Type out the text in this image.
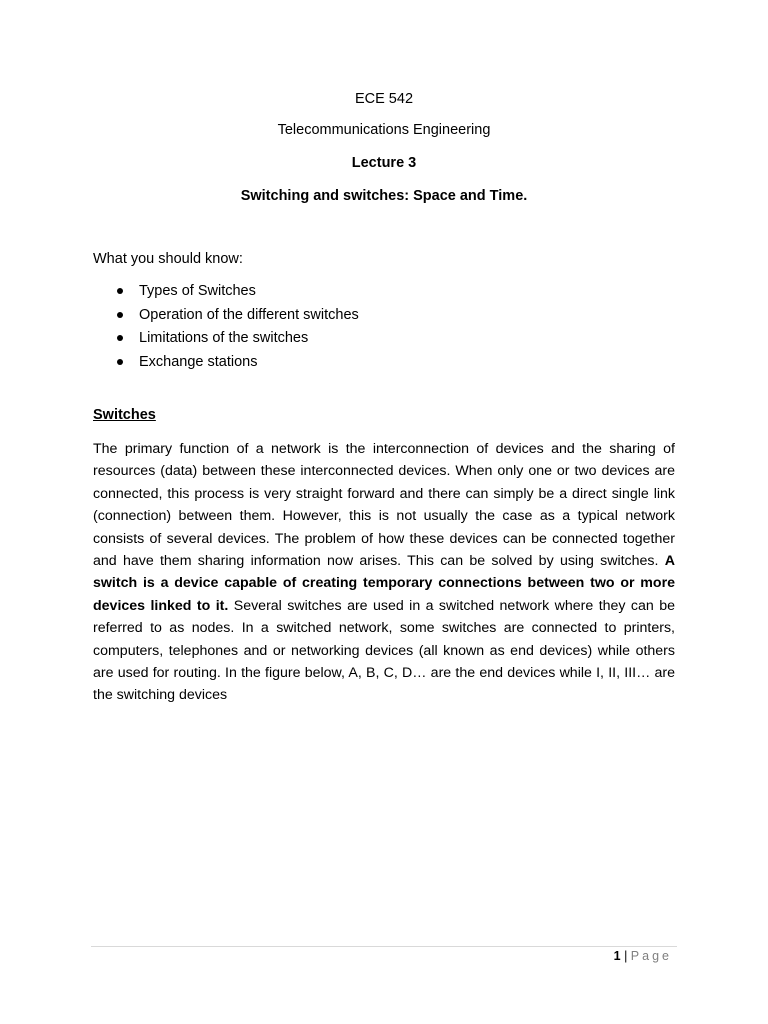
ECE 542
Telecommunications Engineering
Lecture 3
Switching and switches: Space and Time.
What you should know:
Types of Switches
Operation of the different switches
Limitations of the switches
Exchange stations
Switches

The primary function of a network is the interconnection of devices and the sharing of resources (data) between these interconnected devices. When only one or two devices are connected, this process is very straight forward and there can simply be a direct single link (connection) between them. However, this is not usually the case as a typical network consists of several devices. The problem of how these devices can be connected together and have them sharing information now arises. This can be solved by using switches. A switch is a device capable of creating temporary connections between two or more devices linked to it. Several switches are used in a switched network where they can be referred to as nodes. In a switched network, some switches are connected to printers, computers, telephones and or networking devices (all known as end devices) while others are used for routing. In the figure below, A, B, C, D… are the end devices while I, II, III… are the switching devices

1 | Page
